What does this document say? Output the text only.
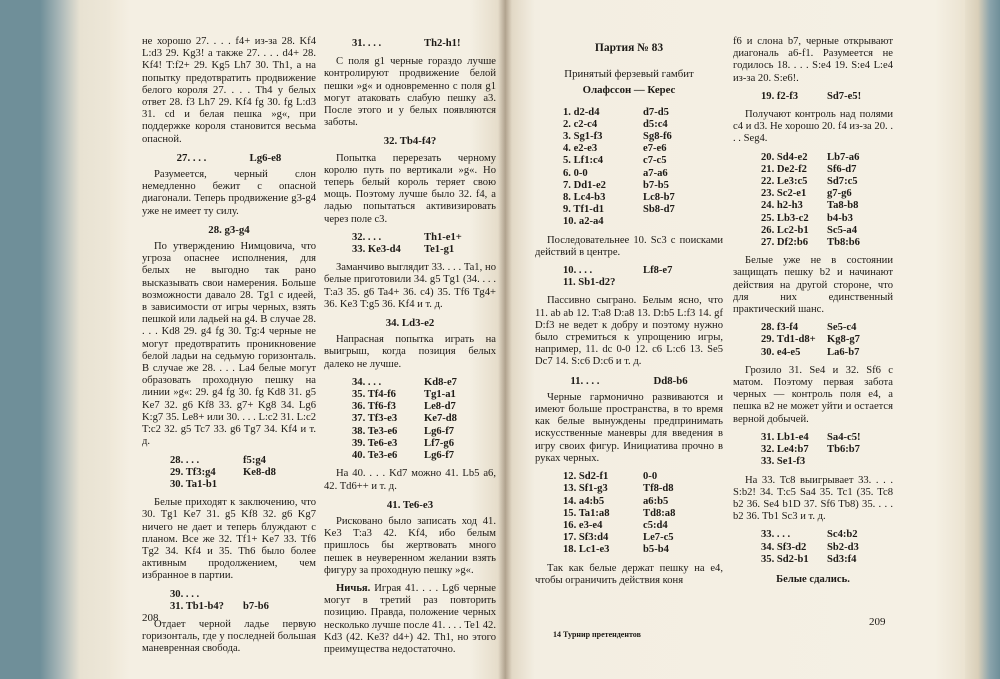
не хорошо 27. . . . f4+ из-за 28. Kf4 L:d3 29. Kg3! а также 27. . . . d4+ 28. Kf4! T:f2+ 29. Kg5 Lh7 30. Th1, а на попытку предотвратить продвижение белого короля 27. . . . Th4 у белых ответ 28. f3 Lh7 29. Kf4 fg 30. fg L:d3 31. cd и белая пешка »g«, при поддержке короля становится весьма опасной.

27. . . .                Lg6-e8

Разумеется, черный слон немедленно бежит с опасной диагонали. Теперь продвижение g3-g4 уже не имеет ту силу.

28. g3-g4

По утверждению Нимцовича, что угроза опаснее исполнения, для белых не выгодно так рано высказывать свои намерения. Больше возможности давало 28. Tg1 с идеей, в зависимости от игры черных, взять пешкой или ладьей на g4. В случае 28. . . . Kd8 29. g4 fg 30. Tg:4 черные не могут предотвратить проникновение белой ладьи на седьмую горизонталь. В случае же 28. . . . La4 белые могут образовать проходную пешку на линии »g«: 29. g4 fg 30. fg Kd8 31. g5 Ke7 32. g6 Kf8 33. g7+ Kg8 34. Lg6 K:g7 35. Le8+ или 30. . . . L:c2 31. L:c2 T:c2 32. g5 Tc7 33. g6 Tg7 34. Kf4 и т. д.

28. . . .	f5:g4
29. Tf3:g4	Ke8-d8
30. Ta1-b1

Белые приходят к заключению, что 30. Tg1 Ke7 31. g5 Kf8 32. g6 Kg7 ничего не дает и теперь блуждают с планом. Все же 32. Tf1+ Ke7 33. Tf6 Tg2 34. Kf4 и 35. Th6 было более активным продолжением, чем избранное в партии.

30. . . .
31. Tb1-b4?	b7-b6

Отдает черной ладье первую горизонталь, где у последней большая маневренная свобода.

31. . . .	Th2-h1!

С поля g1 черные гораздо лучше контролируют продвижение белой пешки »g« и одновременно с поля g1 могут атаковать слабую пешку a3. После этого и у белых появляются заботы.

32. Tb4-f4?

Попытка перерезать черному королю путь по вертикали »g«. Но теперь белый король теряет свою мощь. Поэтому лучше было 32. f4, а ладью попытаться активизировать через поле c3.

32. . . .	Th1-e1+
33. Ke3-d4	Te1-g1

Заманчиво выглядит 33. . . . Ta1, но белые приготовили 34. g5 Tg1 (34. . . . T:a3 35. g6 Ta4+ 36. c4) 35. Tf6 Tg4+ 36. Ke3 T:g5 36. Kf4 и т. д.

34. Ld3-e2

Напрасная попытка играть на выигрыш, когда позиция белых далеко не лучше.

34. . . .	Kd8-e7
35. Tf4-f6	Tg1-a1
36. Tf6-f3	Le8-d7
37. Tf3-e3	Ke7-d8
38. Te3-e6	Lg6-f7
39. Te6-e3	Lf7-g6
40. Te3-e6	Lg6-f7

На 40. . . . Kd7 можно 41. Lb5 a6, 42. Td6++ и т. д.

41. Te6-e3

Рисковано было записать ход 41. Ke3 T:a3 42. Kf4, ибо белым пришлось бы жертвовать много пешек в неуверенном желании взять фигуру за проходную пешку »g«.

Ничья. Играя 41. . . . Lg6 черные могут в третий раз повторить позицию. Правда, положение черных несколько лучше после 41. . . . Te1 42. Kd3 (42. Ke3? d4+) 42. Th1, но этого преимущества недостаточно.

208
Партия № 83
Принятый ферзевый гамбит
Олафссон — Керес
1. d2-d4	d7-d5
2. c2-c4	d5:c4
3. Sg1-f3	Sg8-f6
4. e2-e3	e7-e6
5. Lf1:c4	c7-c5
6. 0-0	a7-a6
7. Dd1-e2	b7-b5
8. Lc4-b3	Lc8-b7
9. Tf1-d1	Sb8-d7
10. a2-a4

Последовательнее 10. Sc3 с поисками действий в центре.

10. . . .	Lf8-e7
11. Sb1-d2?

Пассивно сыграно. Белым ясно, что 11. ab ab 12. T:a8 D:a8 13. D:b5 L:f3 14. gf D:f3 не ведет к добру и поэтому нужно было стремиться к упрощению игры, например, 11. dc 0-0 12. c6 L:c6 13. Se5 Dc7 14. S:c6 D:c6 и т. д.

11. . . .                    Dd8-b6

Черные гармонично развиваются и имеют больше пространства, в то время как белые вынуждены предпринимать искусственные маневры для введения в игру своих фигур. Инициатива прочно в руках черных.

12. Sd2-f1	0-0
13. Sf1-g3	Tf8-d8
14. a4:b5	a6:b5
15. Ta1:a8	Td8:a8
16. e3-e4	c5:d4
17. Sf3:d4	Le7-c5
18. Lc1-e3	b5-b4

Так как белые держат пешку на e4, чтобы ограничить действия коня

f6 и слона b7, черные открывают диагональ a6-f1. Разумеется не годилось 18. . . . S:e4 19. S:e4 L:e4 из-за 20. S:e6!.

19. f2-f3	Sd7-e5!

Получают контроль над полями c4 и d3. Не хорошо 20. f4 из-за 20. . . . Seg4.

20. Sd4-e2	Lb7-a6
21. De2-f2	Sf6-d7
22. Le3:c5	Sd7:c5
23. Sc2-e1	g7-g6
24. h2-h3	Ta8-b8
25. Lb3-c2	b4-b3
26. Lc2-b1	Sc5-a4
27. Df2:b6	Tb8:b6

Белые уже не в состоянии защищать пешку b2 и начинают действия на другой стороне, что для них единственный практический шанс.

28. f3-f4	Se5-c4
29. Td1-d8+	Kg8-g7
30. e4-e5	La6-b7

Грозило 31. Se4 и 32. Sf6 с матом. Поэтому первая забота черных — контроль поля e4, а пешка в2 не может уйти и остается верной добычей.

31. Lb1-e4	Sa4-c5!
32. Le4:b7	Tb6:b7
33. Se1-f3

На 33. Tc8 выигрывает 33. . . . S:b2! 34. T:c5 Sa4 35. Tc1 (35. Tc8 b2 36. Se4 b1D 37. Sf6 Tb8) 35. . . . b2 36. Tb1 Sc3 и т. д.

33. . . .	Sc4:b2
34. Sf3-d2	Sb2-d3
35. Sd2-b1	Sd3:f4
Белые сдались.
14 Турнир претендентов
209
